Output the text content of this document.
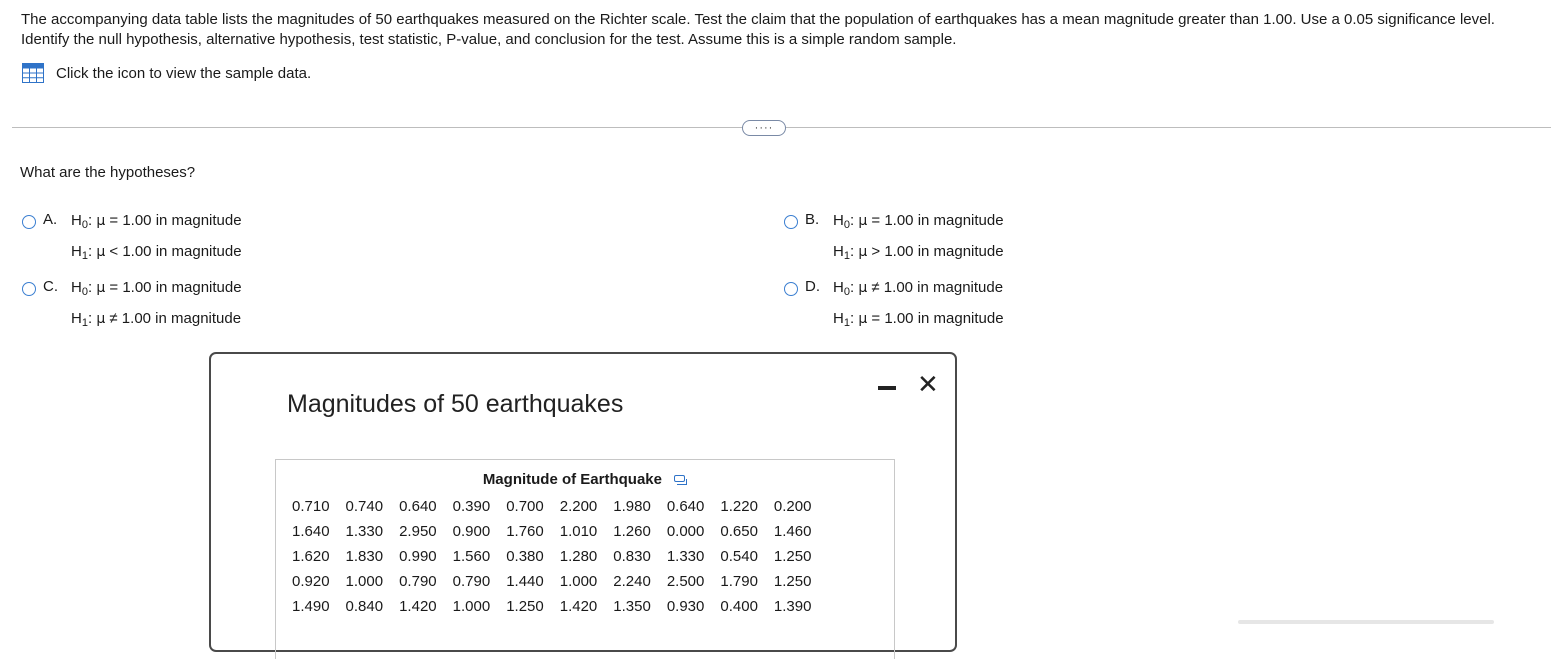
The accompanying data table lists the magnitudes of 50 earthquakes measured on the Richter scale. Test the claim that the population of earthquakes has a mean magnitude greater than 1.00. Use a 0.05 significance level. Identify the null hypothesis, alternative hypothesis, test statistic, P-value, and conclusion for the test. Assume this is a simple random sample.
Click the icon to view the sample data.
····
What are the hypotheses?
A. $H_0$: μ = 1.00 in magnitude
$H_1$: μ < 1.00 in magnitude
B. $H_0$: μ = 1.00 in magnitude
$H_1$: μ > 1.00 in magnitude
C. $H_0$: μ = 1.00 in magnitude
$H_1$: μ ≠ 1.00 in magnitude
D. $H_0$: μ ≠ 1.00 in magnitude
$H_1$: μ = 1.00 in magnitude
Magnitudes of 50 earthquakes
✕
Magnitude of Earthquake
0.710	0.740	0.640	0.390	0.700	2.200	1.980	0.640	1.220	0.200
1.640	1.330	2.950	0.900	1.760	1.010	1.260	0.000	0.650	1.460
1.620	1.830	0.990	1.560	0.380	1.280	0.830	1.330	0.540	1.250
0.920	1.000	0.790	0.790	1.440	1.000	2.240	2.500	1.790	1.250
1.490	0.840	1.420	1.000	1.250	1.420	1.350	0.930	0.400	1.390
